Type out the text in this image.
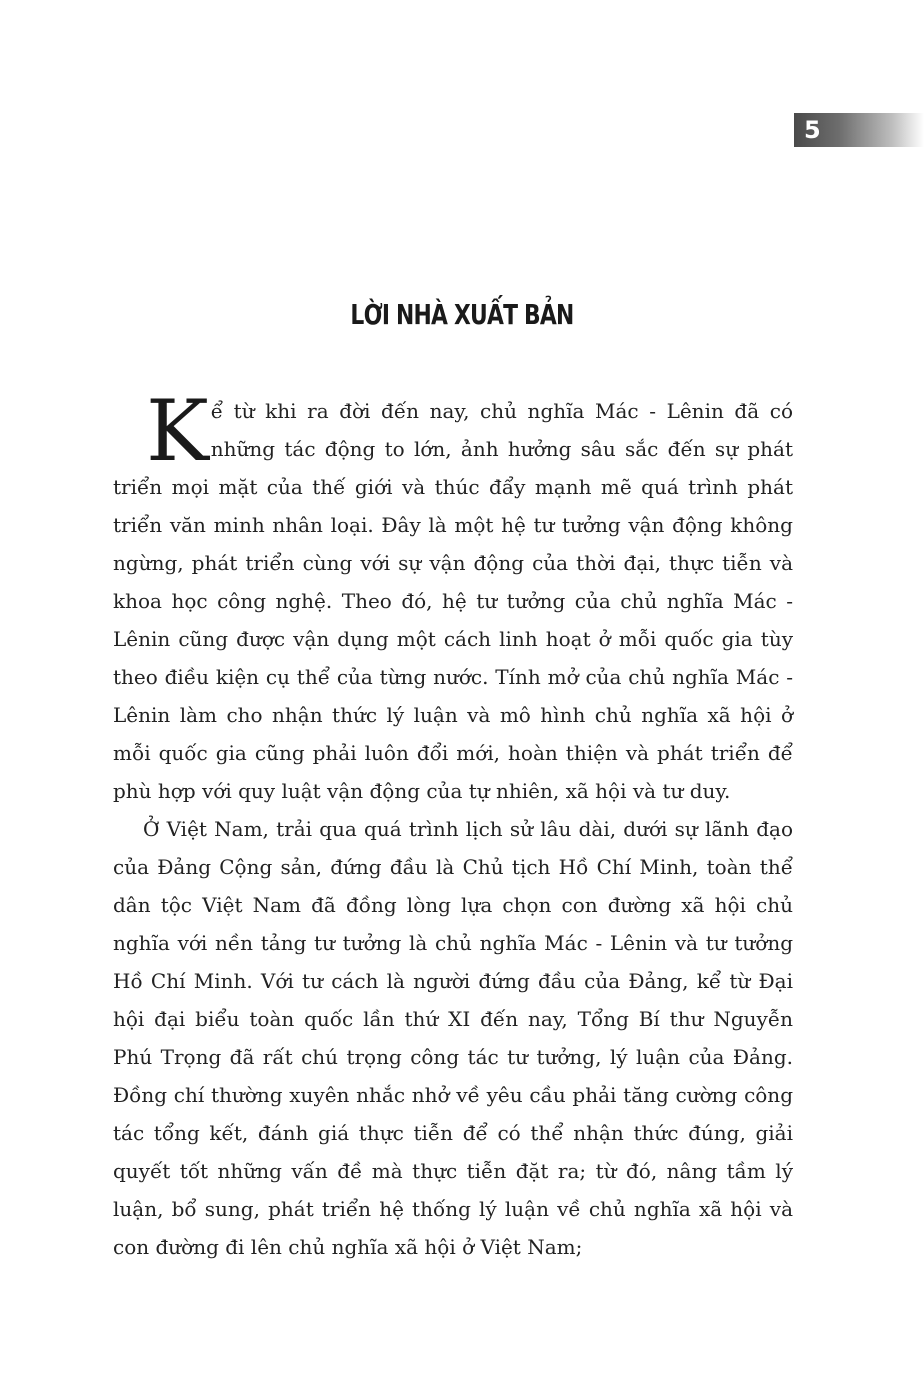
5
LỜI NHÀ XUẤT BẢN

K ể từ khi ra đời đến nay, chủ nghĩa Mác - Lênin đã có những tác động to lớn, ảnh hưởng sâu sắc đến sự phát triển mọi mặt của thế giới và thúc đẩy mạnh mẽ quá trình phát triển văn minh nhân loại. Đây là một hệ tư tưởng vận động không ngừng, phát triển cùng với sự vận động của thời đại, thực tiễn và khoa học công nghệ. Theo đó, hệ tư tưởng của chủ nghĩa Mác - Lênin cũng được vận dụng một cách linh hoạt ở mỗi quốc gia tùy theo điều kiện cụ thể của từng nước. Tính mở của chủ nghĩa Mác - Lênin làm cho nhận thức lý luận và mô hình chủ nghĩa xã hội ở mỗi quốc gia cũng phải luôn đổi mới, hoàn thiện và phát triển để phù hợp với quy luật vận động của tự nhiên, xã hội và tư duy.

Ở Việt Nam, trải qua quá trình lịch sử lâu dài, dưới sự lãnh đạo của Đảng Cộng sản, đứng đầu là Chủ tịch Hồ Chí Minh, toàn thể dân tộc Việt Nam đã đồng lòng lựa chọn con đường xã hội chủ nghĩa với nền tảng tư tưởng là chủ nghĩa Mác - Lênin và tư tưởng Hồ Chí Minh. Với tư cách là người đứng đầu của Đảng, kể từ Đại hội đại biểu toàn quốc lần thứ XI đến nay, Tổng Bí thư Nguyễn Phú Trọng đã rất chú trọng công tác tư tưởng, lý luận của Đảng. Đồng chí thường xuyên nhắc nhở về yêu cầu phải tăng cường công tác tổng kết, đánh giá thực tiễn để có thể nhận thức đúng, giải quyết tốt những vấn đề mà thực tiễn đặt ra; từ đó, nâng tầm lý luận, bổ sung, phát triển hệ thống lý luận về chủ nghĩa xã hội và con đường đi lên chủ nghĩa xã hội ở Việt Nam;
